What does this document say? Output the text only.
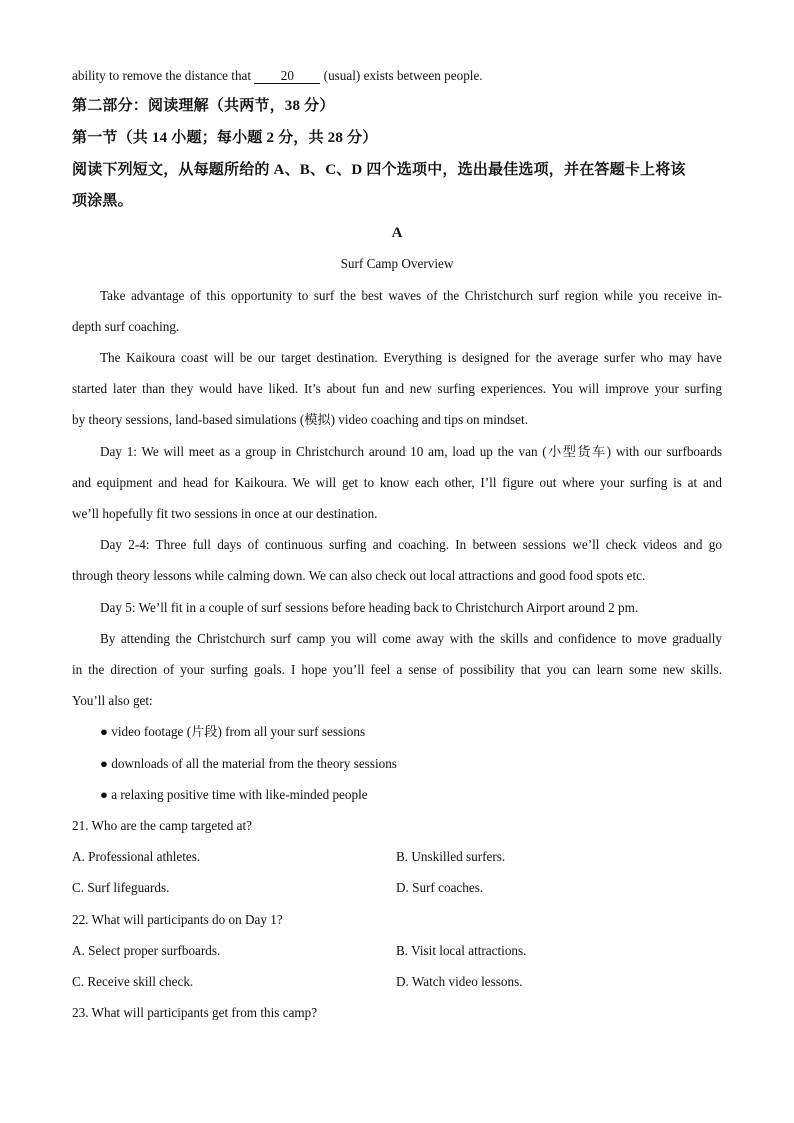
ability to remove the distance that 20 (usual) exists between people.
第二部分：阅读理解（共两节，38 分）
第一节（共 14 小题；每小题 2 分，共 28 分）
阅读下列短文，从每题所给的 A、B、C、D 四个选项中，选出最佳选项，并在答题卡上将该
项涂黑。
A
Surf Camp Overview
Take advantage of this opportunity to surf the best waves of the Christchurch surf region while you receive in-
depth surf coaching.
The Kaikoura coast will be our target destination. Everything is designed for the average surfer who may have
started later than they would have liked. It’s about fun and new surfing experiences. You will improve your surfing
by theory sessions, land-based simulations (模拟) video coaching and tips on mindset.
Day 1: We will meet as a group in Christchurch around 10 am, load up the van (小型货车) with our surfboards
and equipment and head for Kaikoura. We will get to know each other, I’ll figure out where your surfing is at and
we’ll hopefully fit two sessions in once at our destination.
Day 2-4: Three full days of continuous surfing and coaching. In between sessions we’ll check videos and go
through theory lessons while calming down. We can also check out local attractions and good food spots etc.
Day 5: We’ll fit in a couple of surf sessions before heading back to Christchurch Airport around 2 pm.
By attending the Christchurch surf camp you will come away with the skills and confidence to move gradually
in the direction of your surfing goals. I hope you’ll feel a sense of possibility that you can learn some new skills.
You’ll also get:
● video footage (片段) from all your surf sessions
● downloads of all the material from the theory sessions
● a relaxing positive time with like-minded people
21. Who are the camp targeted at?
A. Professional athletes.	B. Unskilled surfers.
C. Surf lifeguards.	D. Surf coaches.
22. What will participants do on Day 1?
A. Select proper surfboards.	B. Visit local attractions.
C. Receive skill check.	D. Watch video lessons.
23. What will participants get from this camp?
